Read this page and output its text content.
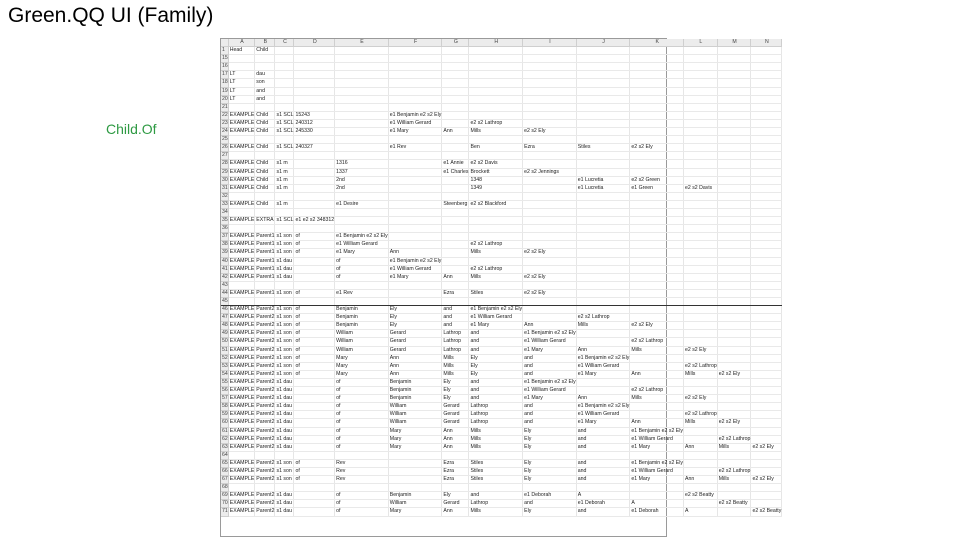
Green.QQ UI (Family)
Child.Of
	A	B	C	D	E	F	G	H	I	J	K	L	M	N
1	Head	Child												
15														
16														
17	LT	dau												
18	LT	son												
19	LT	and												
20	LT	and												
21														
22	EXAMPLE	Child	s1 SCL	15243		e1 Benjamin e2 s2 Ely								
23	EXAMPLE	Child	s1 SCL	240312		e1 William Gerard		e2 s2 Lathrop						
24	EXAMPLE	Child	s1 SCL	245330		e1 Mary	Ann	Mills	e2 s2 Ely					
25														
26	EXAMPLE	Child	s1 SCL	240327		e1 Rev		Ben	Ezra	Stiles	e2 s2 Ely			
27														
28	EXAMPLE	Child	s1 m		1316		e1 Annie	e2 s2 Davis						
29	EXAMPLE	Child	s1 m		1337		e1 Charles	Brockett	e2 s2 Jennings					
30	EXAMPLE	Child	s1 m		2nd			1348		e1 Lucretia	e2 s2 Green			
31	EXAMPLE	Child	s1 m		2nd			1349		e1 Lucretia	e1 Green	e2 s2 Davis		
32														
33	EXAMPLE	Child	s1 m		e1 Desire		Steenberg	e2 s2 Blackford						
34														
35	EXAMPLE	EXTRA	s1 SCL	e1 e2 s2 348312										
36														
37	EXAMPLE	Parent1	s1 son	of	e1 Benjamin e2 s2 Ely									
38	EXAMPLE	Parent1	s1 son	of	e1 William Gerard			e2 s2 Lathrop						
39	EXAMPLE	Parent1	s1 son	of	e1 Mary	Ann		Mills	e2 s2 Ely					
40	EXAMPLE	Parent1	s1 dau		of	e1 Benjamin e2 s2 Ely								
41	EXAMPLE	Parent1	s1 dau		of	e1 William Gerard		e2 s2 Lathrop						
42	EXAMPLE	Parent1	s1 dau		of	e1 Mary	Ann	Mills	e2 s2 Ely					
43														
44	EXAMPLE	Parent1	s1 son	of	e1 Rev		Ezra	Stiles	e2 s2 Ely					
45														
46	EXAMPLE	Parent2	s1 son	of	Benjamin	Ely	and	e1 Benjamin e2 s2 Ely						
47	EXAMPLE	Parent2	s1 son	of	Benjamin	Ely	and	e1 William Gerard		e2 s2 Lathrop				
48	EXAMPLE	Parent2	s1 son	of	Benjamin	Ely	and	e1 Mary	Ann	Mills	e2 s2 Ely			
49	EXAMPLE	Parent2	s1 son	of	William	Gerard	Lathrop	and	e1 Benjamin e2 s2 Ely					
50	EXAMPLE	Parent2	s1 son	of	William	Gerard	Lathrop	and	e1 William Gerard		e2 s2 Lathrop			
51	EXAMPLE	Parent2	s1 son	of	William	Gerard	Lathrop	and	e1 Mary	Ann	Mills	e2 s2 Ely		
52	EXAMPLE	Parent2	s1 son	of	Mary	Ann	Mills	Ely	and	e1 Benjamin e2 s2 Ely				
53	EXAMPLE	Parent2	s1 son	of	Mary	Ann	Mills	Ely	and	e1 William Gerard		e2 s2 Lathrop		
54	EXAMPLE	Parent2	s1 son	of	Mary	Ann	Mills	Ely	and	e1 Mary	Ann	Mills	e2 s2 Ely	
55	EXAMPLE	Parent2	s1 dau		of	Benjamin	Ely	and	e1 Benjamin e2 s2 Ely					
56	EXAMPLE	Parent2	s1 dau		of	Benjamin	Ely	and	e1 William Gerard		e2 s2 Lathrop			
57	EXAMPLE	Parent2	s1 dau		of	Benjamin	Ely	and	e1 Mary	Ann	Mills	e2 s2 Ely		
58	EXAMPLE	Parent2	s1 dau		of	William	Gerard	Lathrop	and	e1 Benjamin e2 s2 Ely				
59	EXAMPLE	Parent2	s1 dau		of	William	Gerard	Lathrop	and	e1 William Gerard		e2 s2 Lathrop		
60	EXAMPLE	Parent2	s1 dau		of	William	Gerard	Lathrop	and	e1 Mary	Ann	Mills	e2 s2 Ely	
61	EXAMPLE	Parent2	s1 dau		of	Mary	Ann	Mills	Ely	and	e1 Benjamin e2 s2 Ely			
62	EXAMPLE	Parent2	s1 dau		of	Mary	Ann	Mills	Ely	and	e1 William Gerard		e2 s2 Lathrop	
63	EXAMPLE	Parent2	s1 dau		of	Mary	Ann	Mills	Ely	and	e1 Mary	Ann	Mills	e2 s2 Ely
64														
65	EXAMPLE	Parent2	s1 son	of	Rev		Ezra	Stiles	Ely	and	e1 Benjamin e2 s2 Ely			
66	EXAMPLE	Parent2	s1 son	of	Rev		Ezra	Stiles	Ely	and	e1 William Gerard		e2 s2 Lathrop	
67	EXAMPLE	Parent2	s1 son	of	Rev		Ezra	Stiles	Ely	and	e1 Mary	Ann	Mills	e2 s2 Ely
68														
69	EXAMPLE	Parent2	s1 dau		of	Benjamin	Ely	and	e1 Deborah	A		e2 s2 Beatty		
70	EXAMPLE	Parent2	s1 dau		of	William	Gerard	Lathrop	and	e1 Deborah	A		e2 s2 Beatty	
71	EXAMPLE	Parent2	s1 dau		of	Mary	Ann	Mills	Ely	and	e1 Deborah	A		e2 s2 Beatty
